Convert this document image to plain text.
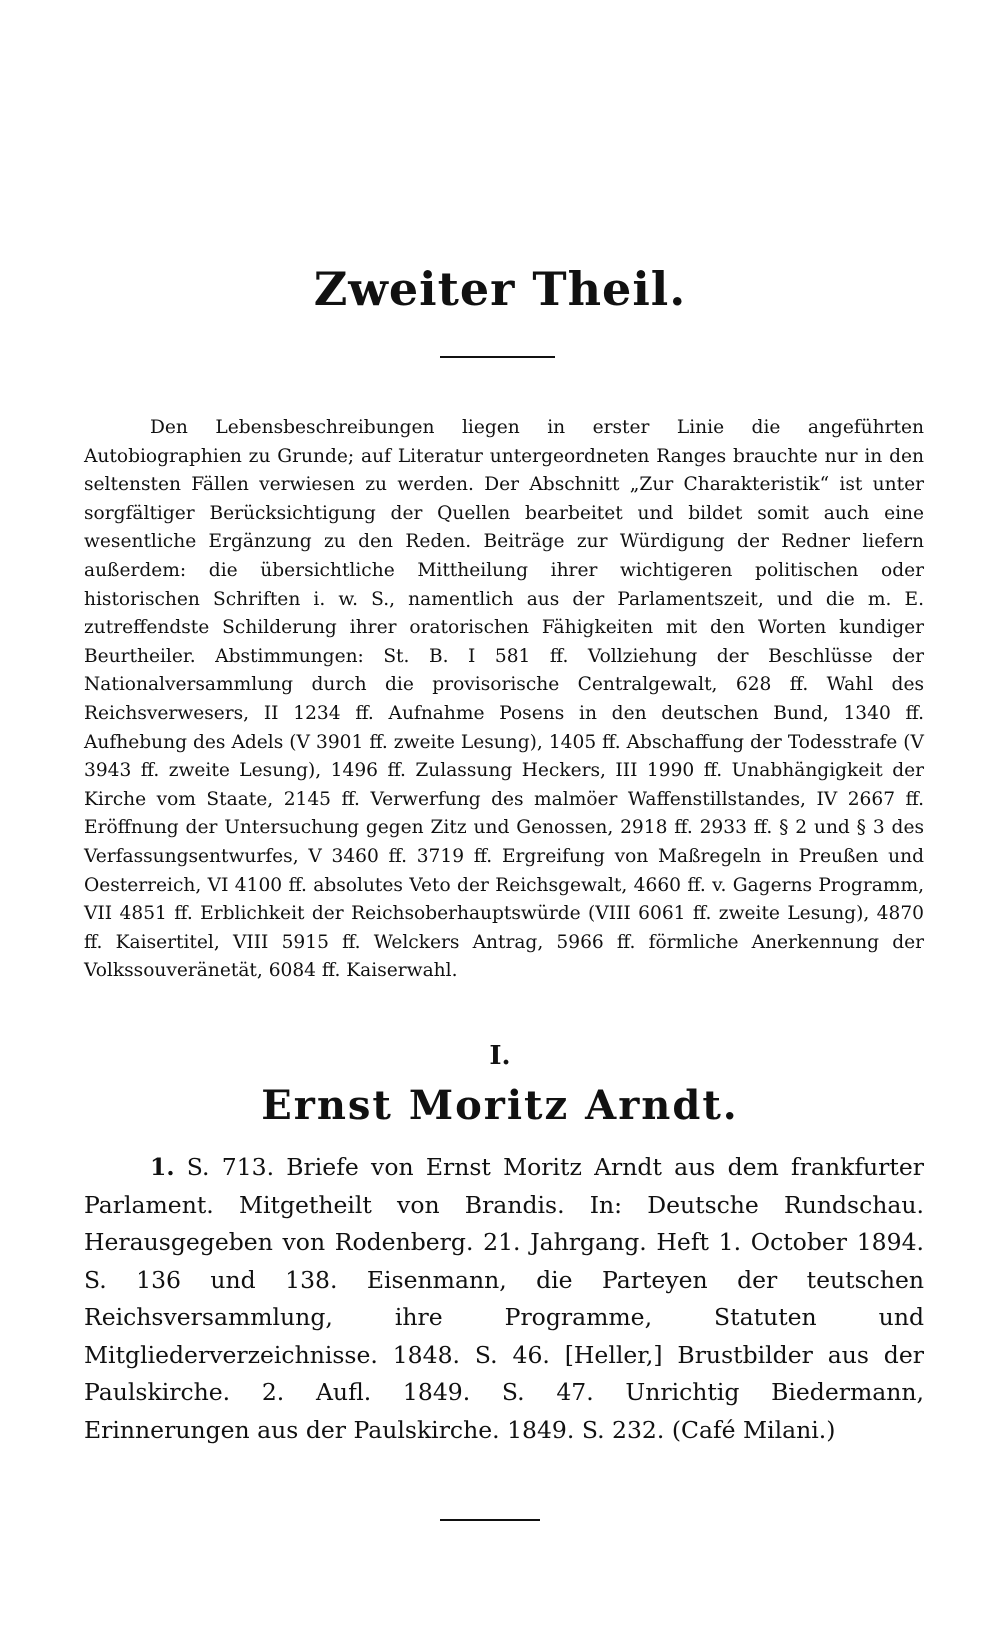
Zweiter Theil.

Den Lebensbeschreibungen liegen in erster Linie die angeführten Autobiographien zu Grunde; auf Literatur untergeordneten Ranges brauchte nur in den seltensten Fällen verwiesen zu werden. Der Abschnitt „Zur Charakteristik“ ist unter sorgfältiger Berücksichtigung der Quellen bearbeitet und bildet somit auch eine wesentliche Ergänzung zu den Reden. Beiträge zur Würdigung der Redner liefern außerdem: die übersichtliche Mittheilung ihrer wichtigeren politischen oder historischen Schriften i. w. S., namentlich aus der Parlamentszeit, und die m. E. zutreffendste Schilderung ihrer oratorischen Fähigkeiten mit den Worten kundiger Beurtheiler. Abstimmungen: St. B. I 581 ff. Vollziehung der Beschlüsse der Nationalversammlung durch die provisorische Centralgewalt, 628 ff. Wahl des Reichsverwesers, II 1234 ff. Aufnahme Posens in den deutschen Bund, 1340 ff. Aufhebung des Adels (V 3901 ff. zweite Lesung), 1405 ff. Abschaffung der Todesstrafe (V 3943 ff. zweite Lesung), 1496 ff. Zulassung Heckers, III 1990 ff. Unabhängigkeit der Kirche vom Staate, 2145 ff. Verwerfung des malmöer Waffenstillstandes, IV 2667 ff. Eröffnung der Untersuchung gegen Zitz und Genossen, 2918 ff. 2933 ff. § 2 und § 3 des Verfassungsentwurfes, V 3460 ff. 3719 ff. Ergreifung von Maßregeln in Preußen und Oesterreich, VI 4100 ff. absolutes Veto der Reichsgewalt, 4660 ff. v. Gagerns Programm, VII 4851 ff. Erblichkeit der Reichsoberhauptswürde (VIII 6061 ff. zweite Lesung), 4870 ff. Kaisertitel, VIII 5915 ff. Welckers Antrag, 5966 ff. förmliche Anerkennung der Volkssouveränetät, 6084 ff. Kaiserwahl.

I.
Ernst Moritz Arndt.

1. S. 713. Briefe von Ernst Moritz Arndt aus dem frankfurter Parlament. Mitgetheilt von Brandis. In: Deutsche Rundschau. Herausgegeben von Rodenberg. 21. Jahrgang. Heft 1. October 1894. S. 136 und 138. Eisenmann, die Parteyen der teutschen Reichsversammlung, ihre Programme, Statuten und Mitgliederverzeichnisse. 1848. S. 46. [Heller,] Brustbilder aus der Paulskirche. 2. Aufl. 1849. S. 47. Unrichtig Biedermann, Erinnerungen aus der Paulskirche. 1849. S. 232. (Café Milani.)
